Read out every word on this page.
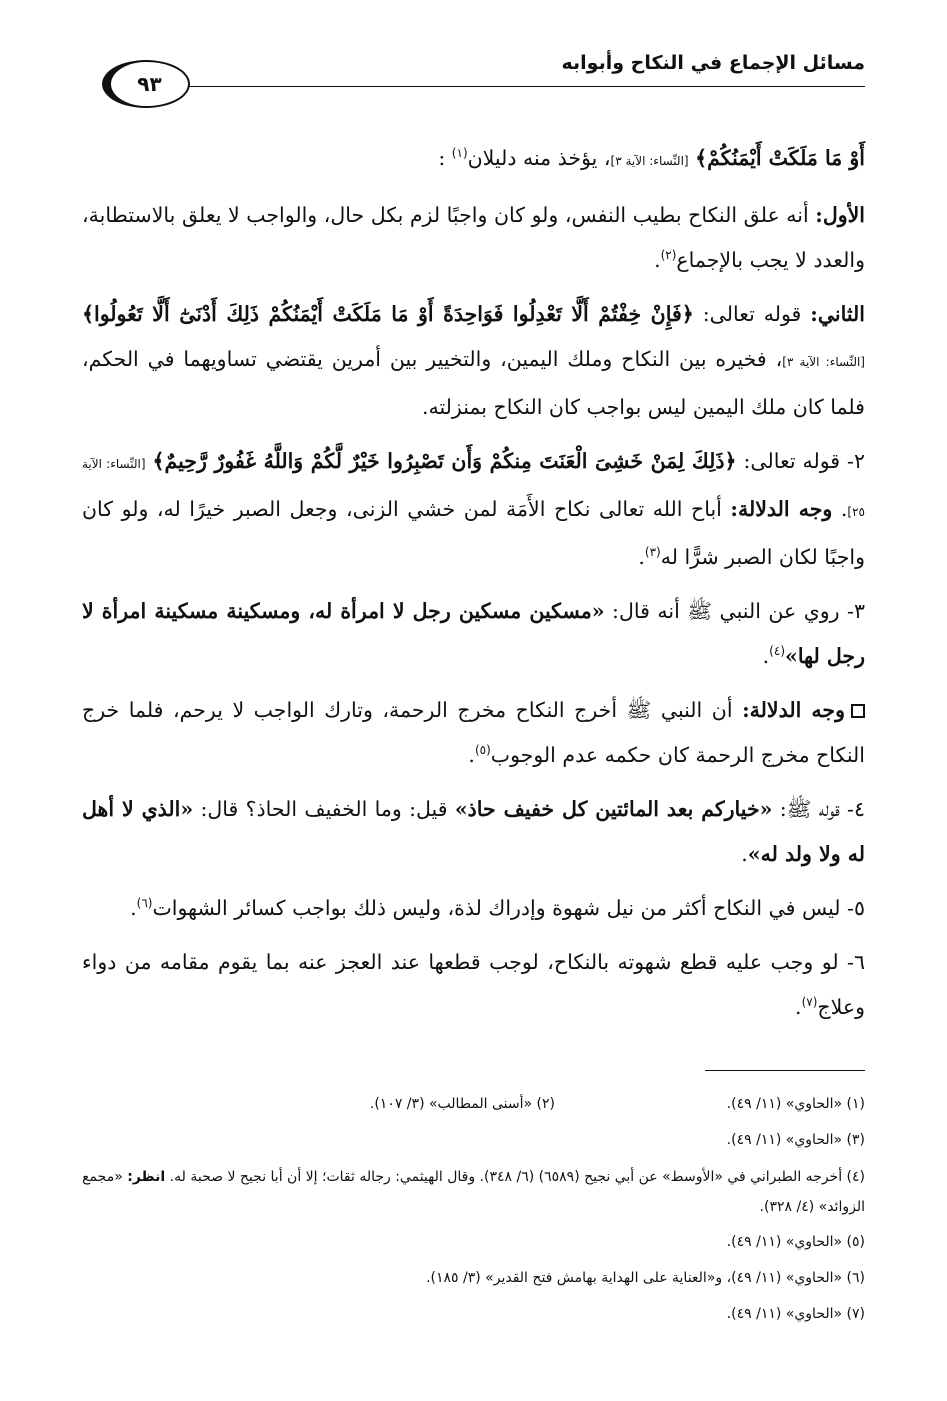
مسائل الإجماع في النكاح وأبوابه
٩٣

أَوْ مَا مَلَكَتْ أَيْمَنُكُمْ﴾ [النِّساء: الآية ٣]، يؤخذ منه دليلان$^{(١)}$ :

الأول: أنه علق النكاح بطيب النفس، ولو كان واجبًا لزم بكل حال، والواجب لا يعلق بالاستطابة، والعدد لا يجب بالإجماع$^{(٢)}$.

الثاني: قوله تعالى: ﴿فَإِنْ خِفْتُمْ أَلَّا تَعْدِلُوا فَوَاحِدَةً أَوْ مَا مَلَكَتْ أَيْمَنُكُمْ ذَلِكَ أَدْنَىٰٓ أَلَّا تَعُولُوا﴾ [النِّساء: الآية ٣]، فخيره بين النكاح وملك اليمين، والتخيير بين أمرين يقتضي تساويهما في الحكم، فلما كان ملك اليمين ليس بواجب كان النكاح بمنزلته.

٢- قوله تعالى: ﴿ذَلِكَ لِمَنْ خَشِىَ الْعَنَتَ مِنكُمْ وَأَن تَصْبِرُوا خَيْرٌ لَّكُمْ وَاللَّهُ غَفُورٌ رَّحِيمٌ﴾ [النِّساء: الآية ٢٥]. وجه الدلالة: أباح الله تعالى نكاح الأَمَة لمن خشي الزنى، وجعل الصبر خيرًا له، ولو كان واجبًا لكان الصبر شرًّا له$^{(٣)}$.

٣- روي عن النبي ﷺ أنه قال: «مسكين مسكين رجل لا امرأة له، ومسكينة مسكينة امرأة لا رجل لها»$^{(٤)}$.

وجه الدلالة: أن النبي ﷺ أخرج النكاح مخرج الرحمة، وتارك الواجب لا يرحم، فلما خرج النكاح مخرج الرحمة كان حكمه عدم الوجوب$^{(٥)}$.

٤- قوله ﷺ: «خياركم بعد المائتين كل خفيف حاذ» قيل: وما الخفيف الحاذ؟ قال: «الذي لا أهل له ولا ولد له».

٥- ليس في النكاح أكثر من نيل شهوة وإدراك لذة، وليس ذلك بواجب كسائر الشهوات$^{(٦)}$.

٦- لو وجب عليه قطع شهوته بالنكاح، لوجب قطعها عند العجز عنه بما يقوم مقامه من دواء وعلاج$^{(٧)}$.

(١) «الحاوي» (١١/ ٤٩).
(٢) «أسنى المطالب» (٣/ ١٠٧).
(٣) «الحاوي» (١١/ ٤٩).
(٤) أخرجه الطبراني في «الأوسط» عن أبي نجيح (٦٥٨٩) (٦/ ٣٤٨). وقال الهيثمي: رجاله ثقات؛ إلا أن أبا نجيح لا صحبة له. انظر: «مجمع الزوائد» (٤/ ٣٢٨).
(٥) «الحاوي» (١١/ ٤٩).
(٦) «الحاوي» (١١/ ٤٩)، و«العناية على الهداية بهامش فتح القدير» (٣/ ١٨٥).
(٧) «الحاوي» (١١/ ٤٩).
